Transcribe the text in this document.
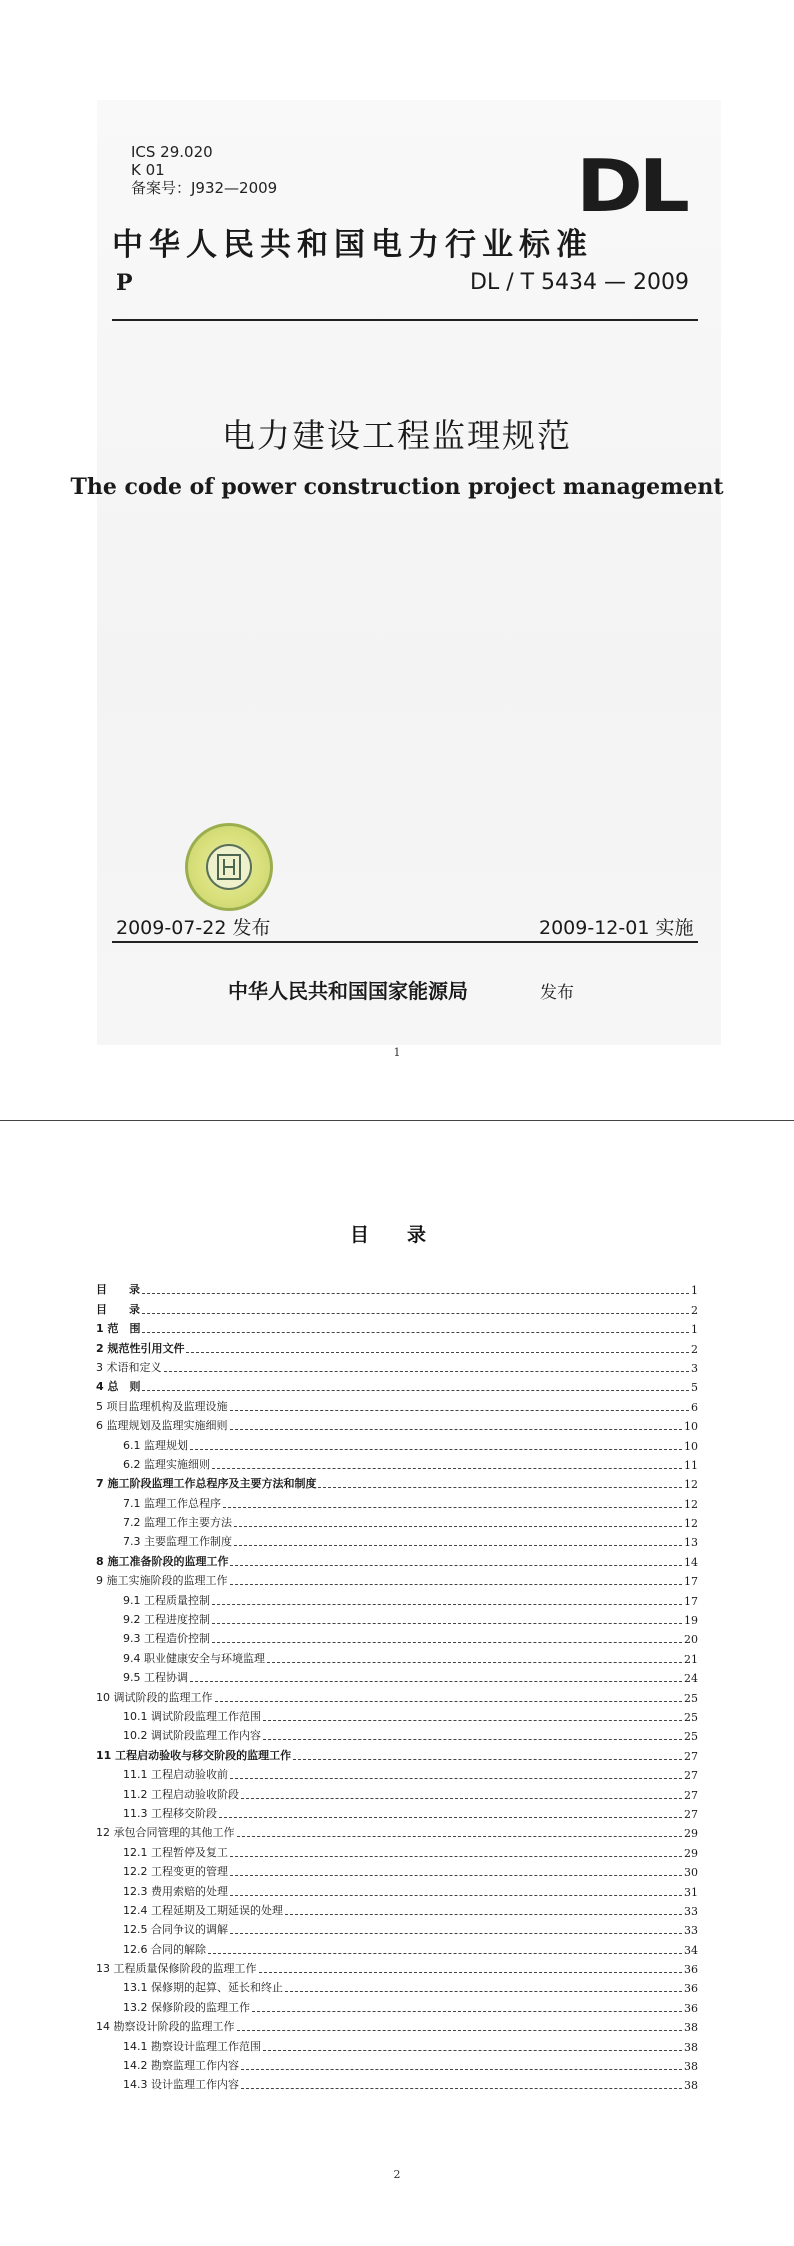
ICS 29.020
K 01
备案号：J932—2009	DL
中华人民共和国电力行业标准
P	DL / T 5434 — 2009
电力建设工程监理规范
The code of power construction project management
2009-07-22 发布	2009-12-01 实施
中华人民共和国国家能源局	发布
1
目录
目　　录	1
目　　录	2
1 范　围	1
2 规范性引用文件	2
3 术语和定义	3
4 总　则	5
5 项目监理机构及监理设施	6
6 监理规划及监理实施细则	10
6.1 监理规划	10
6.2 监理实施细则	11
7 施工阶段监理工作总程序及主要方法和制度	12
7.1 监理工作总程序	12
7.2 监理工作主要方法	12
7.3 主要监理工作制度	13
8 施工准备阶段的监理工作	14
9 施工实施阶段的监理工作	17
9.1 工程质量控制	17
9.2 工程进度控制	19
9.3 工程造价控制	20
9.4 职业健康安全与环境监理	21
9.5 工程协调	24
10 调试阶段的监理工作	25
10.1 调试阶段监理工作范围	25
10.2 调试阶段监理工作内容	25
11 工程启动验收与移交阶段的监理工作	27
11.1 工程启动验收前	27
11.2 工程启动验收阶段	27
11.3 工程移交阶段	27
12 承包合同管理的其他工作	29
12.1 工程暂停及复工	29
12.2 工程变更的管理	30
12.3 费用索赔的处理	31
12.4 工程延期及工期延误的处理	33
12.5 合同争议的调解	33
12.6 合同的解除	34
13 工程质量保修阶段的监理工作	36
13.1 保修期的起算、延长和终止	36
13.2 保修阶段的监理工作	36
14 勘察设计阶段的监理工作	38
14.1 勘察设计监理工作范围	38
14.2 勘察监理工作内容	38
14.3 设计监理工作内容	38
2
